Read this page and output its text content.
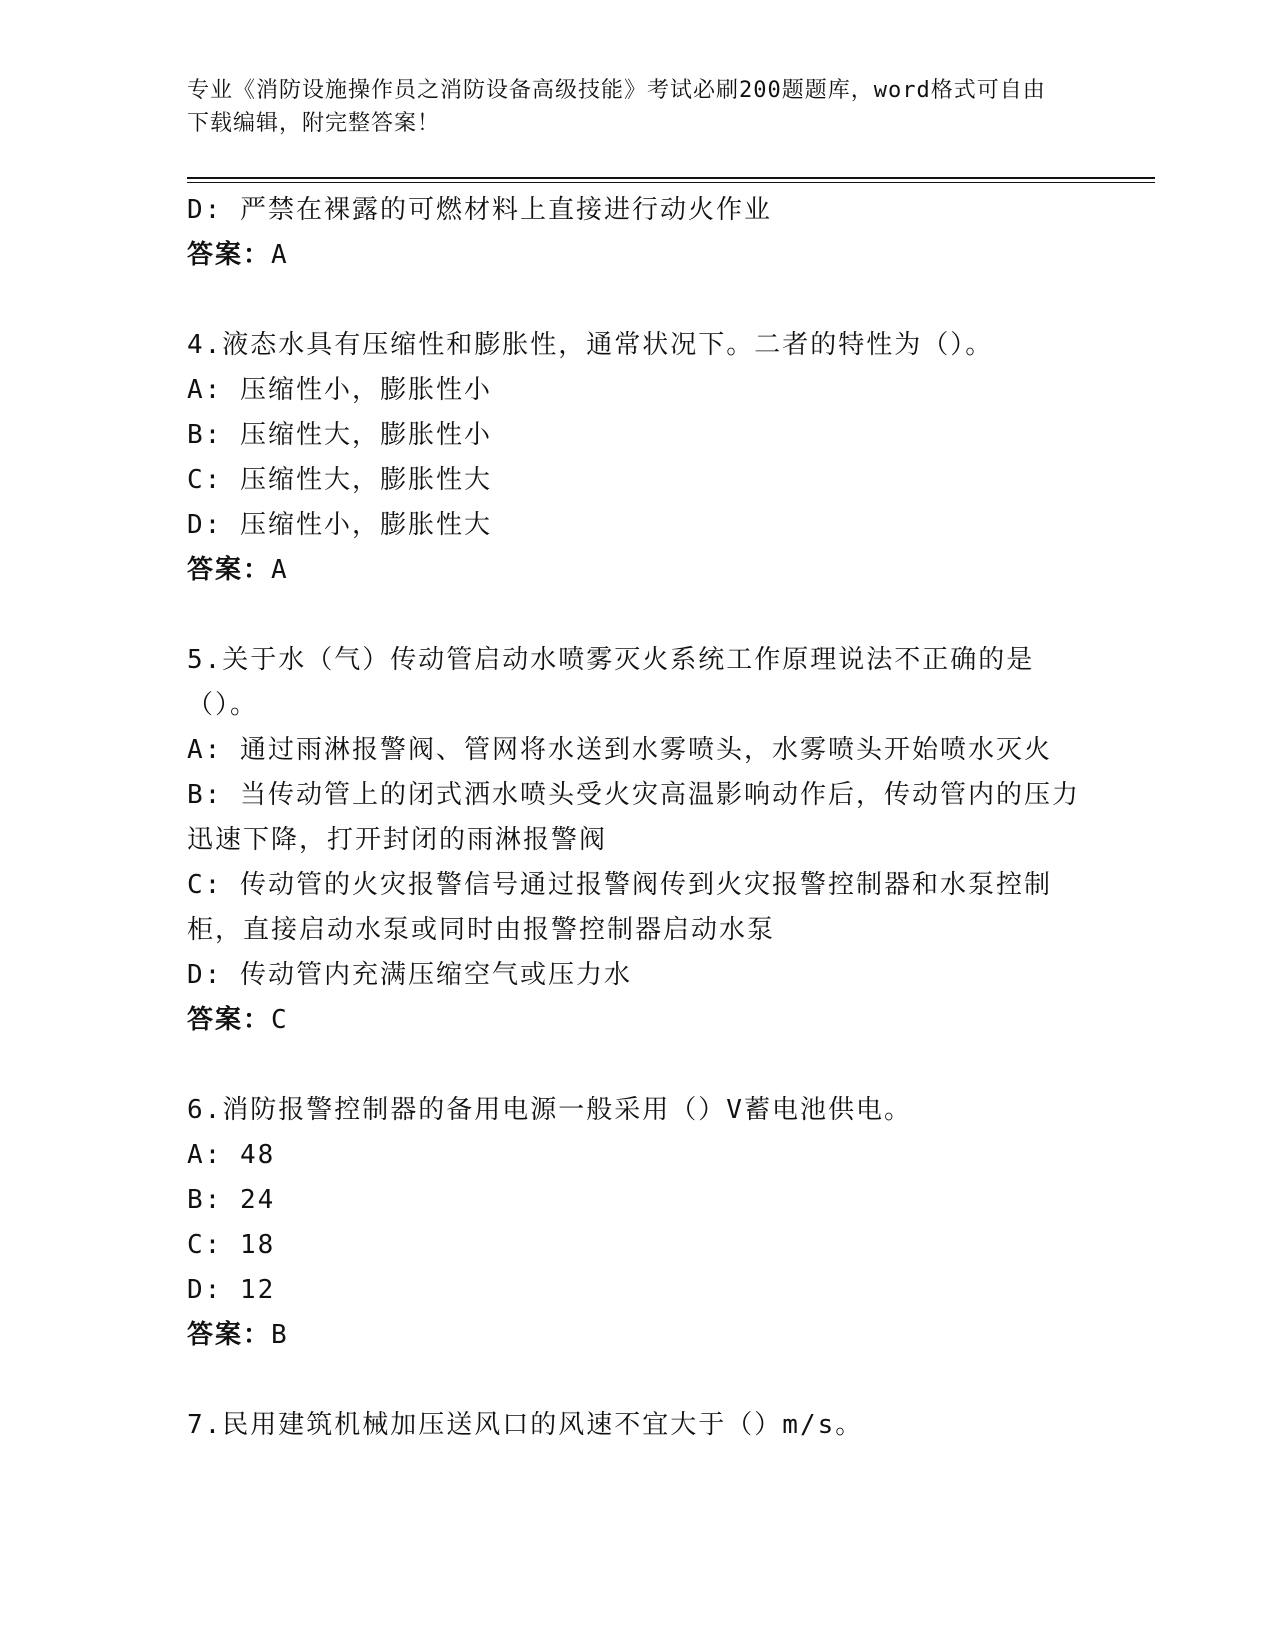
专业《消防设施操作员之消防设备高级技能》考试必刷200题题库，word格式可自由下载编辑，附完整答案！
D: 严禁在裸露的可燃材料上直接进行动火作业
答案：A
4.液态水具有压缩性和膨胀性，通常状况下。二者的特性为（）。
A: 压缩性小，膨胀性小
B: 压缩性大，膨胀性小
C: 压缩性大，膨胀性大
D: 压缩性小，膨胀性大
答案：A
5.关于水（气）传动管启动水喷雾灭火系统工作原理说法不正确的是（）。
A: 通过雨淋报警阀、管网将水送到水雾喷头，水雾喷头开始喷水灭火
B: 当传动管上的闭式洒水喷头受火灾高温影响动作后，传动管内的压力迅速下降，打开封闭的雨淋报警阀
C: 传动管的火灾报警信号通过报警阀传到火灾报警控制器和水泵控制柜，直接启动水泵或同时由报警控制器启动水泵
D: 传动管内充满压缩空气或压力水
答案：C
6.消防报警控制器的备用电源一般采用（）V蓄电池供电。
A: 48
B: 24
C: 18
D: 12
答案：B
7.民用建筑机械加压送风口的风速不宜大于（）m/s。
